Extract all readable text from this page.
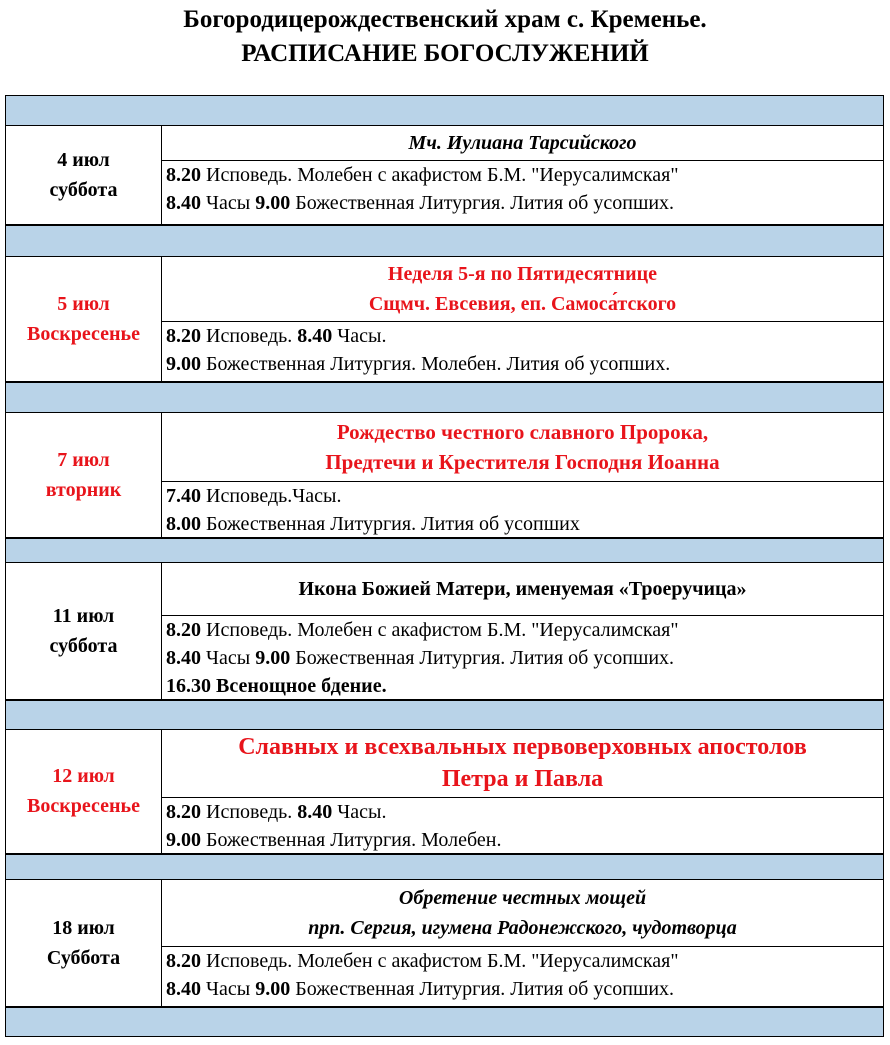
Богородицерождественский храм с. Кременье.
РАСПИСАНИЕ БОГОСЛУЖЕНИЙ
4 июл
суббота
Мч. Иулиана Тарсийского
8.20 Исповедь. Молебен с акафистом Б.М. "Иерусалимская"
8.40 Часы 9.00 Божественная Литургия. Лития об усопших.
5 июл
Воскресенье
Неделя 5-я по Пятидесятнице
Сщмч. Евсевия, еп. Самоса́тского
8.20 Исповедь. 8.40 Часы.
9.00 Божественная Литургия. Молебен. Лития об усопших.
7 июл
вторник
Рождество честного славного Пророка,
Предтечи и Крестителя Господня Иоанна
7.40 Исповедь.Часы.
8.00 Божественная Литургия. Лития об усопших
11 июл
суббота
Икона Божией Матери, именуемая «Троеручица»
8.20 Исповедь. Молебен с акафистом Б.М. "Иерусалимская"
8.40 Часы 9.00 Божественная Литургия. Лития об усопших.
16.30 Всенощное бдение.
12 июл
Воскресенье
Славных и всехвальных первоверховных апостолов
Петра и Павла
8.20 Исповедь. 8.40 Часы.
9.00 Божественная Литургия. Молебен.
18 июл
Суббота
Обретение честных мощей
прп. Сергия, игумена Радонежского, чудотворца
8.20 Исповедь. Молебен с акафистом Б.М. "Иерусалимская"
8.40 Часы 9.00 Божественная Литургия. Лития об усопших.
